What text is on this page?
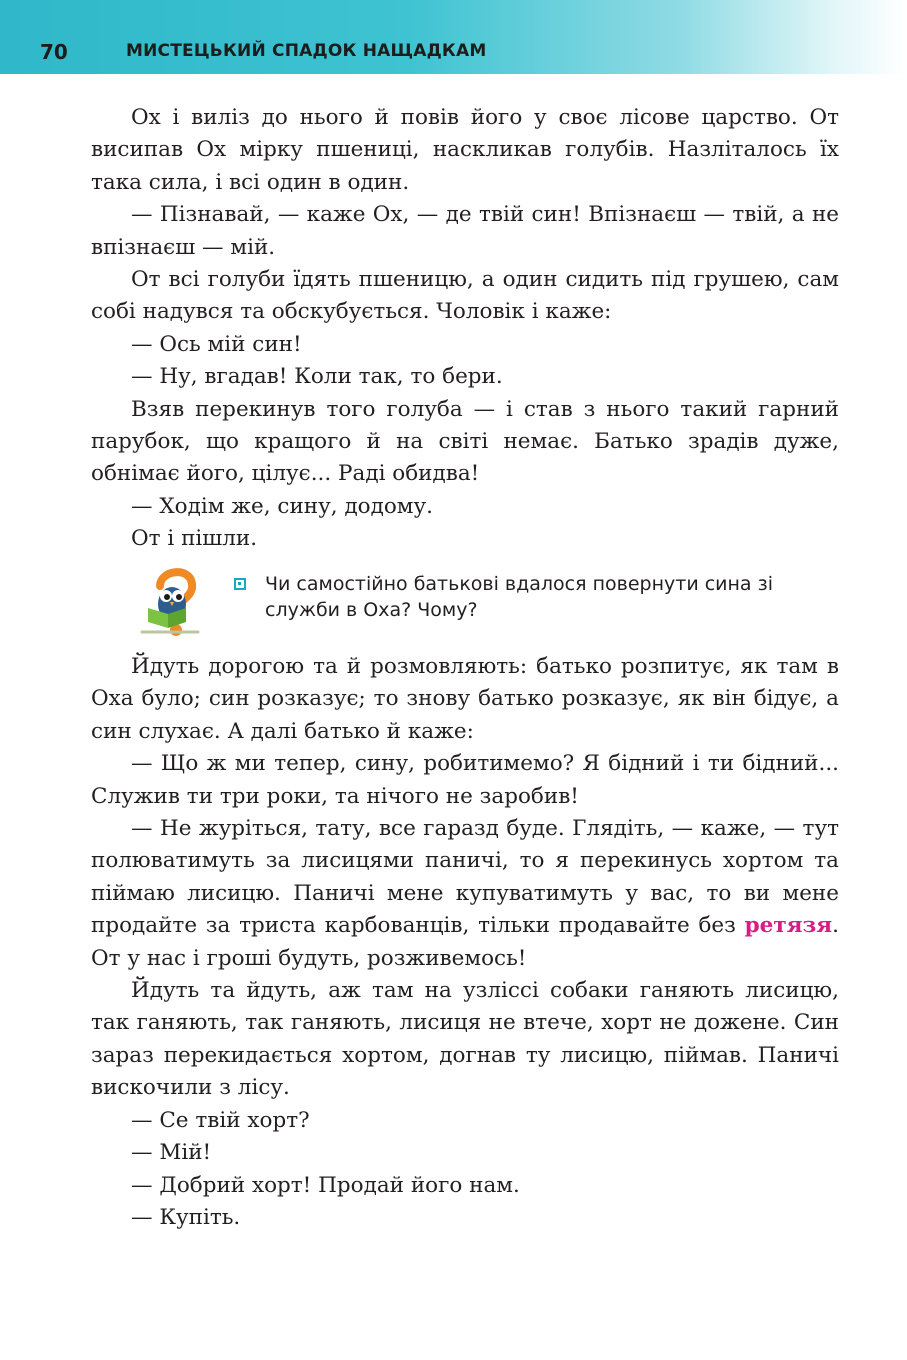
70	МИСТЕЦЬКИЙ СПАДОК НАЩАДКАМ

Ох і виліз до нього й повів його у своє лісове царство. От висипав Ох мірку пшениці, наскликав голубів. Назліталось їх така сила, і всі один в один.

— Пізнавай, — каже Ох, — де твій син! Впізнаєш — твій, а не впізнаєш — мій.

От всі голуби їдять пшеницю, а один сидить під грушею, сам собі надувся та обскубується. Чоловік і каже:

— Ось мій син!

— Ну, вгадав! Коли так, то бери.

Взяв перекинув того голуба — і став з нього такий гарний парубок, що кращого й на світі немає. Батько зрадів дуже, обнімає його, цілує... Раді обидва!

— Ходім же, сину, додому.

От і пішли.

Чи самостійно батькові вдалося повернути сина зі служби в Оха? Чому?

Йдуть дорогою та й розмовляють: батько розпитує, як там в Оха було; син розказує; то знову батько розказує, як він бідує, а син слухає. А далі батько й каже:

— Що ж ми тепер, сину, робитимемо? Я бідний і ти бідний... Служив ти три роки, та нічого не заробив!

— Не журіться, тату, все гаразд буде. Глядіть, — каже, — тут полюватимуть за лисицями паничі, то я перекинусь хортом та піймаю лисицю. Паничі мене купуватимуть у вас, то ви мене продайте за триста карбованців, тільки продавайте без ретязя. От у нас і гроші будуть, розживемось!

Йдуть та йдуть, аж там на узліссі собаки ганяють лисицю, так ганяють, так ганяють, лисиця не втече, хорт не дожене. Син зараз перекидається хортом, догнав ту лисицю, піймав. Паничі вискочили з лісу.

— Се твій хорт?

— Мій!

— Добрий хорт! Продай його нам.

— Купіть.
